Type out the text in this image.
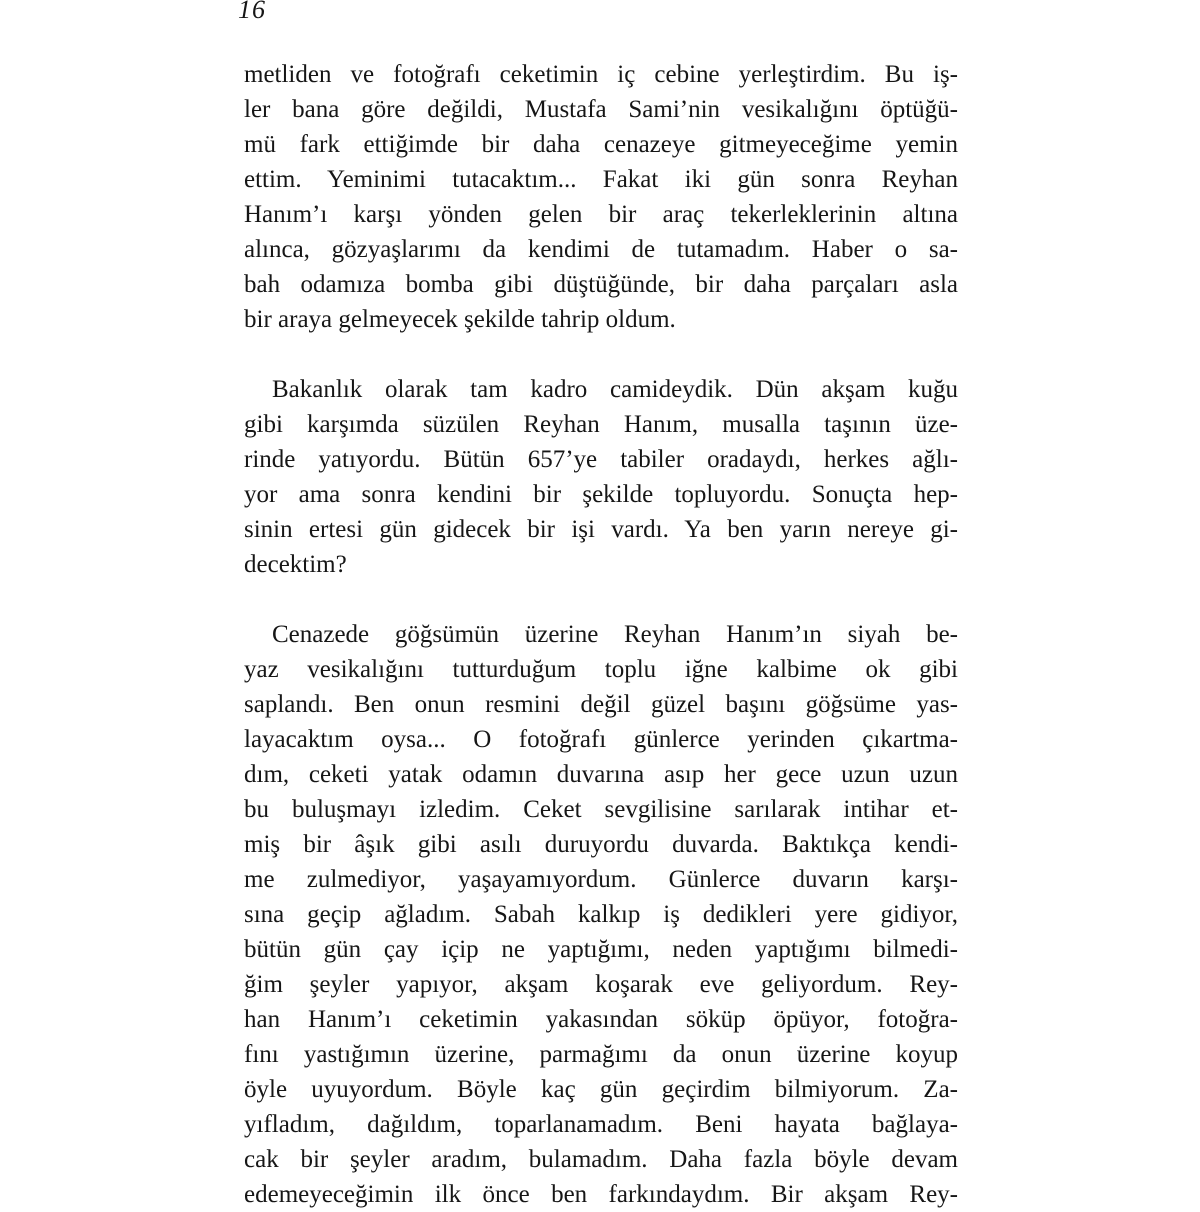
16
metliden ve fotoğrafı ceketimin iç cebine yerleştirdim. Bu iş-
ler bana göre değildi, Mustafa Sami’nin vesikalığını öptüğü-
mü fark ettiğimde bir daha cenazeye gitmeyeceğime yemin
ettim. Yeminimi tutacaktım... Fakat iki gün sonra Reyhan
Hanım’ı karşı yönden gelen bir araç tekerleklerinin altına
alınca, gözyaşlarımı da kendimi de tutamadım. Haber o sa-
bah odamıza bomba gibi düştüğünde, bir daha parçaları asla
bir araya gelmeyecek şekilde tahrip oldum.
Bakanlık olarak tam kadro camideydik. Dün akşam kuğu
gibi karşımda süzülen Reyhan Hanım, musalla taşının üze-
rinde yatıyordu. Bütün 657’ye tabiler oradaydı, herkes ağlı-
yor ama sonra kendini bir şekilde topluyordu. Sonuçta hep-
sinin ertesi gün gidecek bir işi vardı. Ya ben yarın nereye gi-
decektim?
Cenazede göğsümün üzerine Reyhan Hanım’ın siyah be-
yaz vesikalığını tutturduğum toplu iğne kalbime ok gibi
saplandı. Ben onun resmini değil güzel başını göğsüme yas-
layacaktım oysa... O fotoğrafı günlerce yerinden çıkartma-
dım, ceketi yatak odamın duvarına asıp her gece uzun uzun
bu buluşmayı izledim. Ceket sevgilisine sarılarak intihar et-
miş bir âşık gibi asılı duruyordu duvarda. Baktıkça kendi-
me zulmediyor, yaşayamıyordum. Günlerce duvarın karşı-
sına geçip ağladım. Sabah kalkıp iş dedikleri yere gidiyor,
bütün gün çay içip ne yaptığımı, neden yaptığımı bilmedi-
ğim şeyler yapıyor, akşam koşarak eve geliyordum. Rey-
han Hanım’ı ceketimin yakasından söküp öpüyor, fotoğra-
fını yastığımın üzerine, parmağımı da onun üzerine koyup
öyle uyuyordum. Böyle kaç gün geçirdim bilmiyorum. Za-
yıfladım, dağıldım, toparlanamadım. Beni hayata bağlaya-
cak bir şeyler aradım, bulamadım. Daha fazla böyle devam
edemeyeceğimin ilk önce ben farkındaydım. Bir akşam Rey-
